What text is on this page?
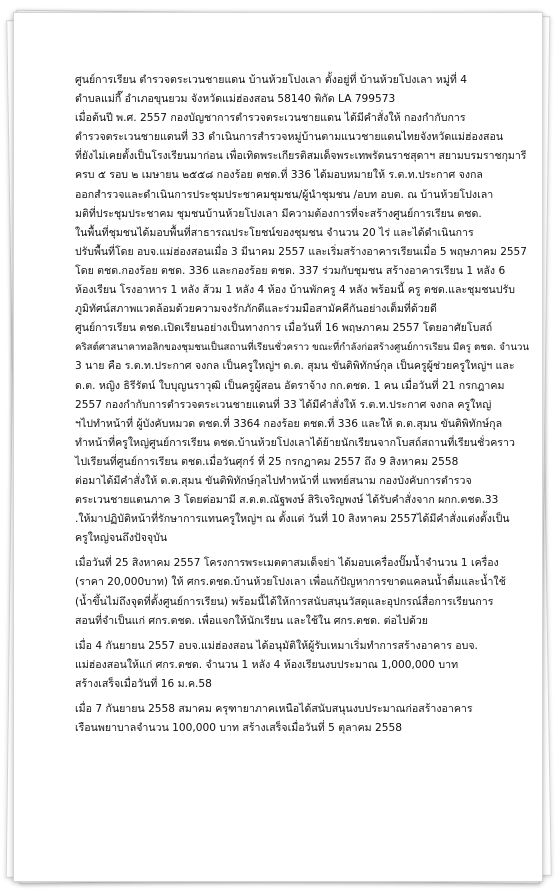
ศูนย์การเรียน ตำรวจตระเวนชายแดน บ้านห้วยโปงเลา ตั้งอยู่ที่ บ้านห้วยโปงเลา หมู่ที่ 4
ตำบลแม่กี๊ อำเภอขุนยวม จังหวัดแม่ฮ่องสอน 58140 พิกัด LA 799573
เมื่อต้นปี พ.ศ. 2557 กองบัญชาการตำรวจตระเวนชายแดน ได้มีคำสั่งให้ กองกำกับการ
ตำรวจตระเวนชายแดนที่ 33 ดำเนินการสำรวจหมู่บ้านตามแนวชายแดนไทยจังหวัดแม่ฮ่องสอน
ที่ยังไม่เคยตั้งเป็นโรงเรียนมาก่อน เพื่อเทิดพระเกียรติสมเด็จพระเทพรัตนราชสุดาฯ สยามบรมราชกุมารี
ครบ ๕ รอบ ๒ เมษายน ๒๕๕๘ กองร้อย ตชด.ที่ 336 ได้มอบหมายให้ ร.ต.ท.ประกาศ จงกล
ออกสำรวจและดำเนินการประชุมประชาคมชุมชน/ผู้นำชุมชน /อบท อบต. ณ บ้านห้วยโปงเลา
มติที่ประชุมประชาคม ชุมชนบ้านห้วยโปงเลา มีความต้องการที่จะสร้างศูนย์การเรียน ตชด.
ในพื้นที่ชุมชนได้มอบพื้นที่สาธารณประโยชน์ของชุมชน จำนวน 20 ไร่ และได้ดำเนินการ
ปรับพื้นที่โดย อบจ.แม่ฮ่องสอนเมื่อ 3 มีนาคม 2557 และเริ่มสร้างอาคารเรียนเมื่อ 5 พฤษภาคม 2557
โดย ตชด.กองร้อย ตชด. 336 และกองร้อย ตชด. 337 ร่วมกับชุมชน สร้างอาคารเรียน 1 หลัง 6
ห้องเรียน โรงอาหาร 1 หลัง ส้วม 1 หลัง 4 ห้อง บ้านพักครู 4 หลัง พร้อมนี้ ครู ตชด.และชุมชนปรับ
ภูมิทัศน์สภาพแวดล้อมด้วยความจงรักภักดีและร่วมมือสามัคคีกันอย่างเต็มที่ด้วยดี
ศูนย์การเรียน ตชด.เปิดเรียนอย่างเป็นทางการ เมื่อวันที่ 16 พฤษภาคม 2557 โดยอาศัยโบสถ์
คริสต์ศาสนาคาทอลิกของชุมชนเป็นสถานที่เรียนชั่วคราว ขณะที่กำลังก่อสร้างศูนย์การเรียน มีครู ตชด. จำนวน
3 นาย คือ ร.ต.ท.ประกาศ จงกล เป็นครูใหญ่ฯ ด.ต. สุมน ขันติพิทักษ์กุล เป็นครูผู้ช่วยครูใหญ่ฯ และ
ด.ต. หญิง ธิรีรัตน์ ใบบุญนราวุฒิ เป็นครูผู้สอน อัตราจ้าง กก.ตชด. 1 คน เมื่อวันที่ 21 กรกฎาคม
2557 กองกำกับการตำรวจตระเวนชายแดนที่ 33 ได้มีคำสั่งให้ ร.ต.ท.ประกาศ จงกล ครูใหญ่
ฯไปทำหน้าที่ ผู้บังคับหมวด ตชด.ที่ 3364 กองร้อย ตชด.ที่ 336 และให้ ด.ต.สุมน ขันติพิทักษ์กุล
ทำหน้าที่ครูใหญ่ศูนย์การเรียน ตชด.บ้านห้วยโปงเลาได้ย้ายนักเรียนจากโบสถ์สถานที่เรียนชั่วคราว
ไปเรียนที่ศูนย์การเรียน ตชด.เมื่อวันศุกร์ ที่ 25 กรกฎาคม 2557 ถึง 9 สิงหาคม 2558
ต่อมาได้มีคำสั่งให้ ด.ต.สุมน ขันติพิทักษ์กุลไปทำหน้าที่ แพทย์สนาม กองบังคับการตำรวจ
ตระเวนชายแดนภาค 3 โดยต่อมามี ส.ต.ต.ณัฐพงษ์ สิริเจริญพงษ์ ได้รับคำสั่งจาก ผกก.ตชด.33
.ให้มาปฏิบัติหน้าที่รักษาการแทนครูใหญ่ฯ ณ ตั้งแต่ วันที่ 10 สิงหาคม 2557ได้มีคำสั่งแต่งตั้งเป็น
ครูใหญ่จนถึงปัจจุบัน
เมื่อวันที่ 25 สิงหาคม 2557 โครงการพระเมตตาสมเด็จย่า ได้มอบเครื่องปั๊มน้ำจำนวน 1 เครื่อง
(ราคา 20,000บาท) ให้ ศกร.ตชด.บ้านห้วยโปงเลา เพื่อแก้ปัญหาการขาดแคลนน้ำดื่มและน้ำใช้
(น้ำขึ้นไม่ถึงจุดที่ตั้งศูนย์การเรียน) พร้อมนี้ได้ให้การสนับสนุนวัสดุและอุปกรณ์สื่อการเรียนการ
สอนที่จำเป็นแก่ ศกร.ตชด. เพื่อแจกให้นักเรียน และใช้ใน ศกร.ตชด. ต่อไปด้วย
เมื่อ 4 กันยายน 2557 อบจ.แม่ฮ่องสอน ได้อนุมัติให้ผู้รับเหมาเริ่มทำการสร้างอาคาร อบจ.
แม่ฮ่องสอนให้แก่ ศกร.ตชด. จำนวน 1 หลัง 4 ห้องเรียนงบประมาณ 1,000,000 บาท
สร้างเสร็จเมื่อวันที่ 16 ม.ค.58
เมื่อ 7 กันยายน 2558 สมาคม ครุฑายาภาคเหนือได้สนับสนุนงบประมาณก่อสร้างอาคาร
เรือนพยาบาลจำนวน 100,000 บาท สร้างเสร็จเมื่อวันที่ 5 ตุลาคม 2558
